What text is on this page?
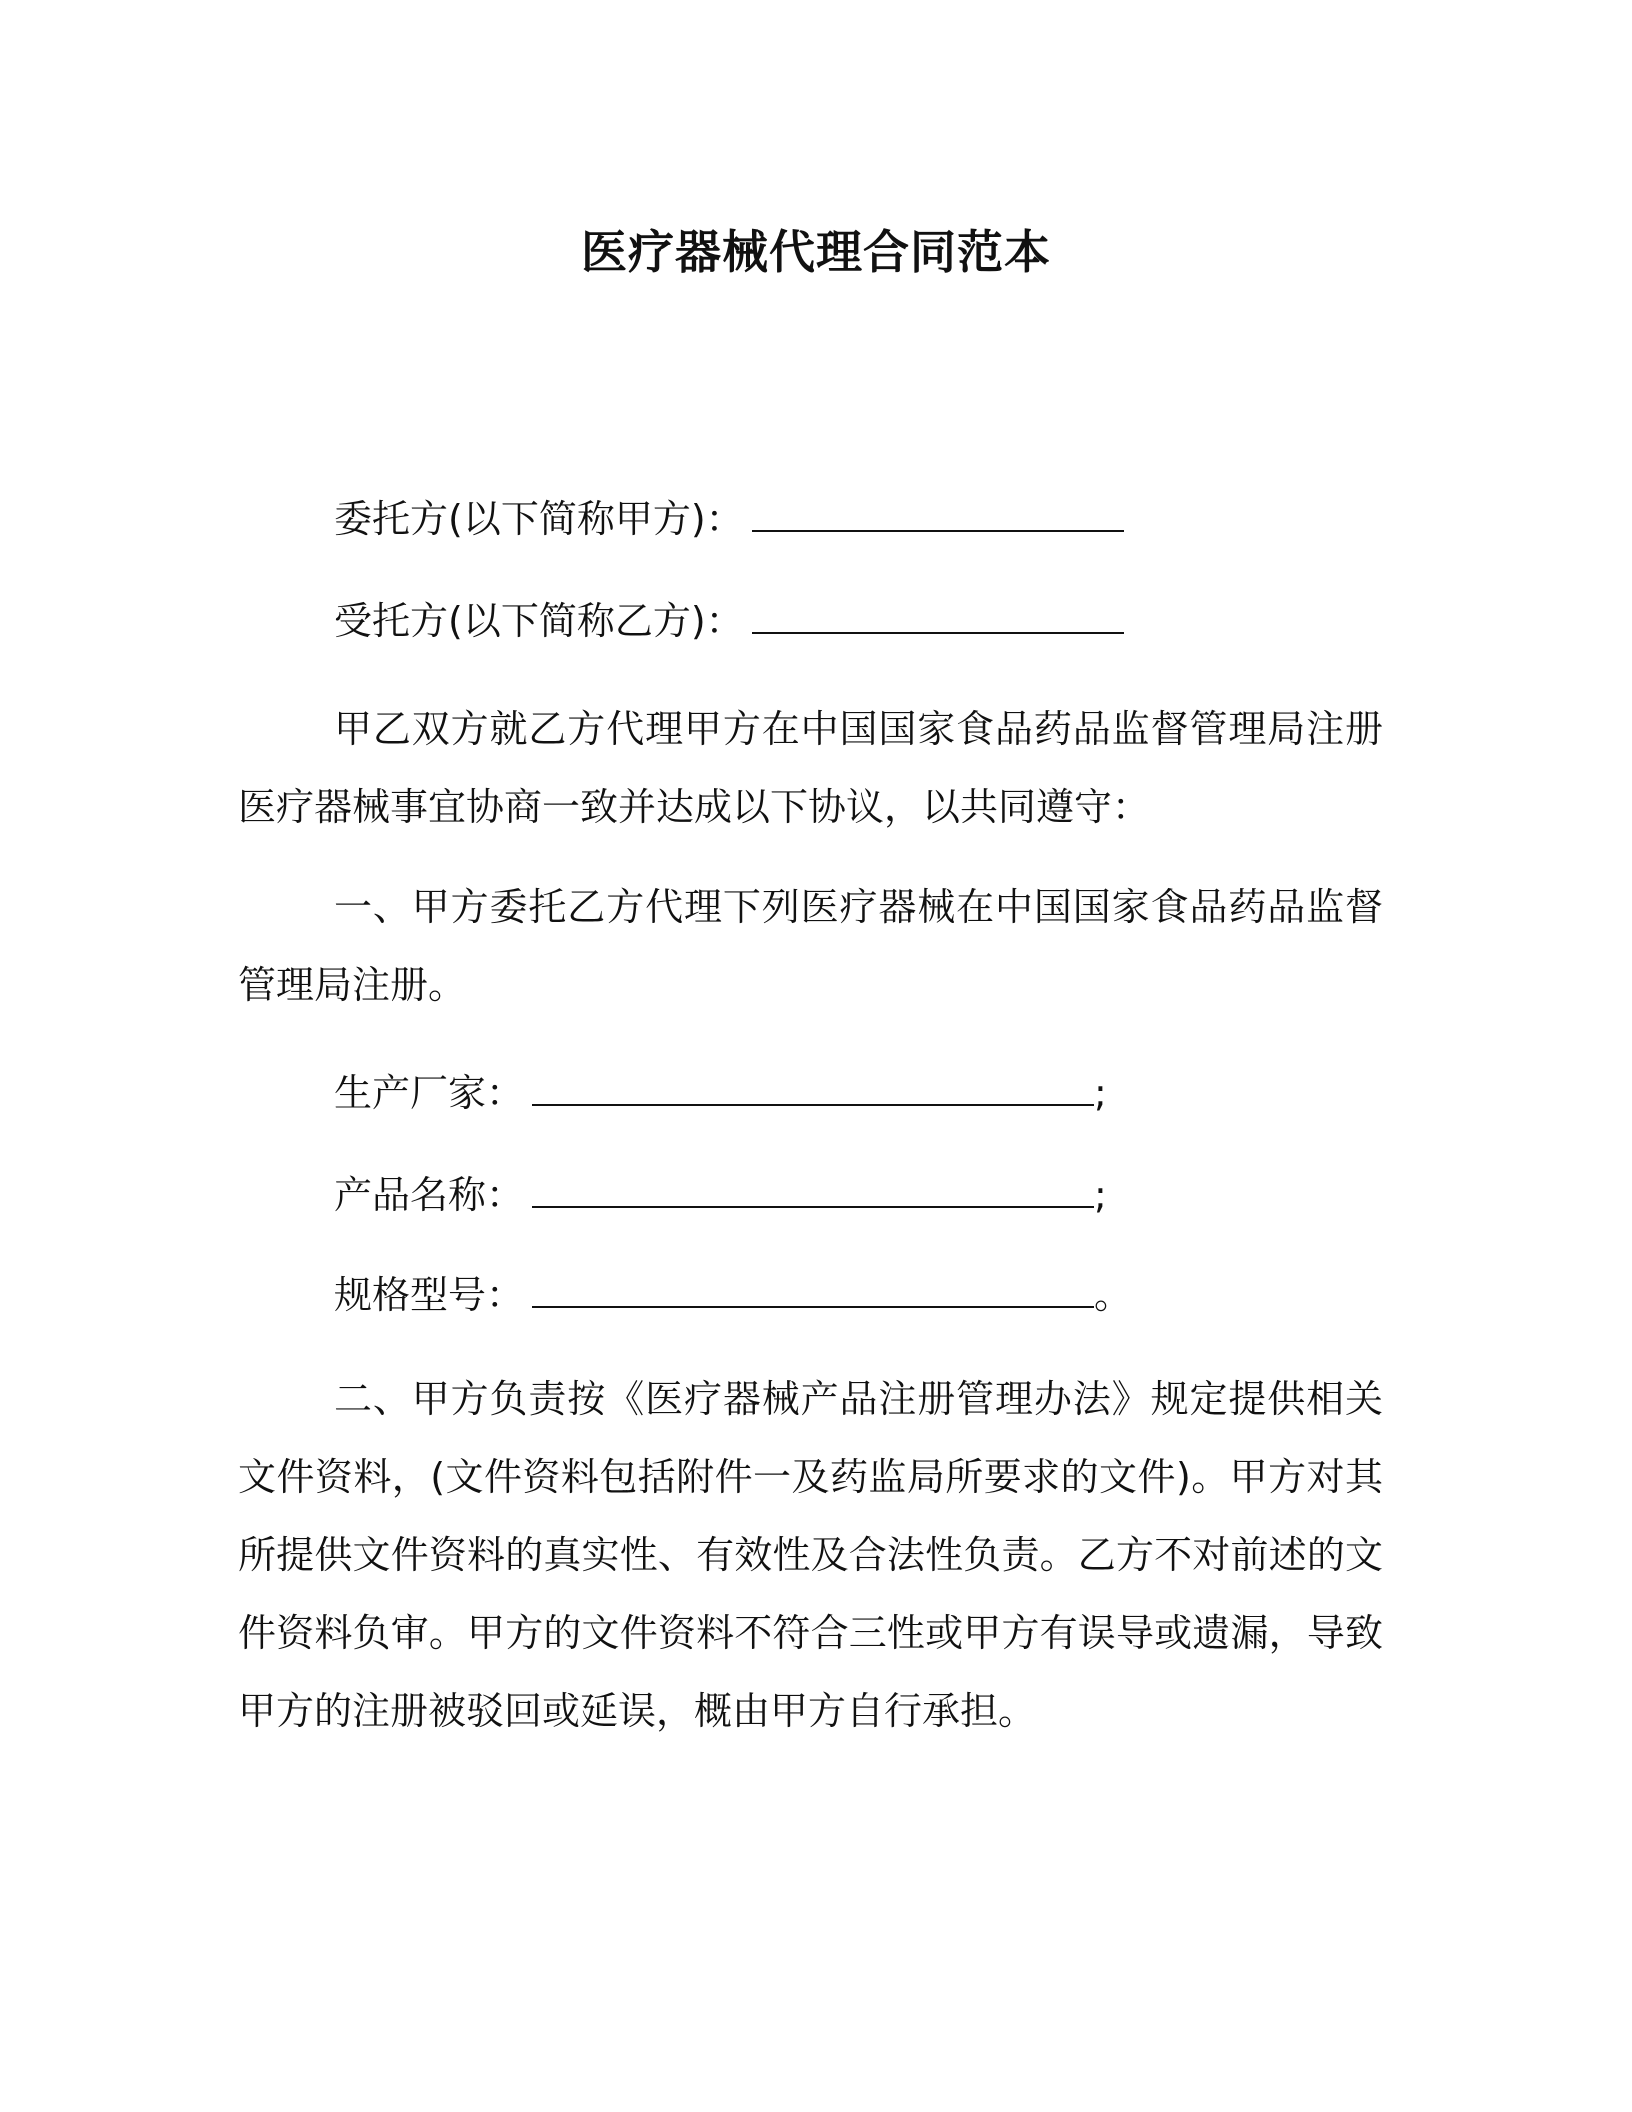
医疗器械代理合同范本

委托方(以下简称甲方)：

受托方(以下简称乙方)：

甲乙双方就乙方代理甲方在中国国家食品药品监督管理局注册医疗器械事宜协商一致并达成以下协议，以共同遵守：

一、甲方委托乙方代理下列医疗器械在中国国家食品药品监督管理局注册。

生产厂家：	;

产品名称：	;

规格型号：	。

二、甲方负责按《医疗器械产品注册管理办法》规定提供相关文件资料，(文件资料包括附件一及药监局所要求的文件)。甲方对其所提供文件资料的真实性、有效性及合法性负责。乙方不对前述的文件资料负审。甲方的文件资料不符合三性或甲方有误导或遗漏，导致甲方的注册被驳回或延误，概由甲方自行承担。
